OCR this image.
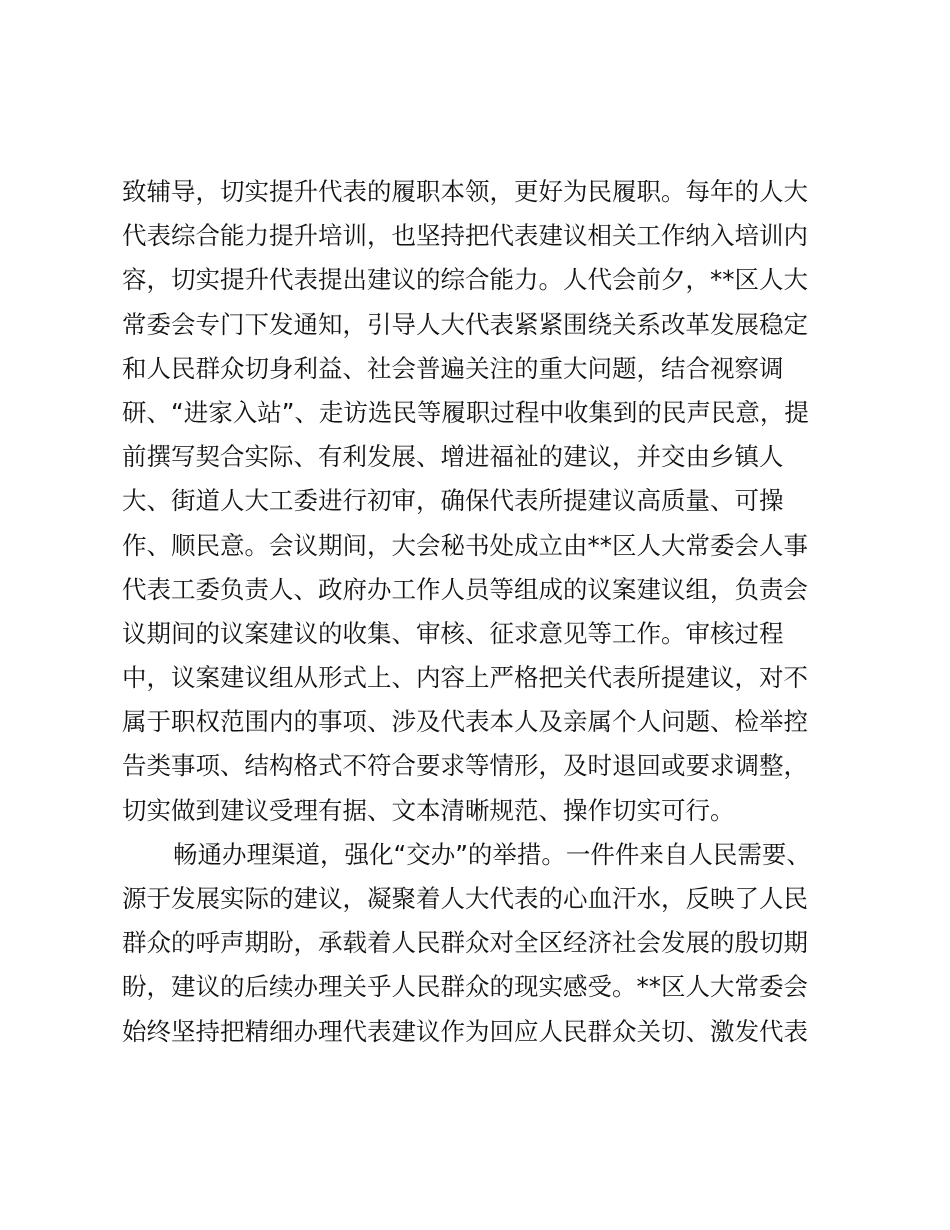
致辅导，切实提升代表的履职本领，更好为民履职。每年的人大
代表综合能力提升培训，也坚持把代表建议相关工作纳入培训内
容，切实提升代表提出建议的综合能力。人代会前夕，**区人大
常委会专门下发通知，引导人大代表紧紧围绕关系改革发展稳定
和人民群众切身利益、社会普遍关注的重大问题，结合视察调
研、“进家入站”、走访选民等履职过程中收集到的民声民意，提
前撰写契合实际、有利发展、增进福祉的建议，并交由乡镇人
大、街道人大工委进行初审，确保代表所提建议高质量、可操
作、顺民意。会议期间，大会秘书处成立由**区人大常委会人事
代表工委负责人、政府办工作人员等组成的议案建议组，负责会
议期间的议案建议的收集、审核、征求意见等工作。审核过程
中，议案建议组从形式上、内容上严格把关代表所提建议，对不
属于职权范围内的事项、涉及代表本人及亲属个人问题、检举控
告类事项、结构格式不符合要求等情形，及时退回或要求调整，
切实做到建议受理有据、文本清晰规范、操作切实可行。
畅通办理渠道，强化“交办”的举措。一件件来自人民需要、
源于发展实际的建议，凝聚着人大代表的心血汗水，反映了人民
群众的呼声期盼，承载着人民群众对全区经济社会发展的殷切期
盼，建议的后续办理关乎人民群众的现实感受。**区人大常委会
始终坚持把精细办理代表建议作为回应人民群众关切、激发代表
